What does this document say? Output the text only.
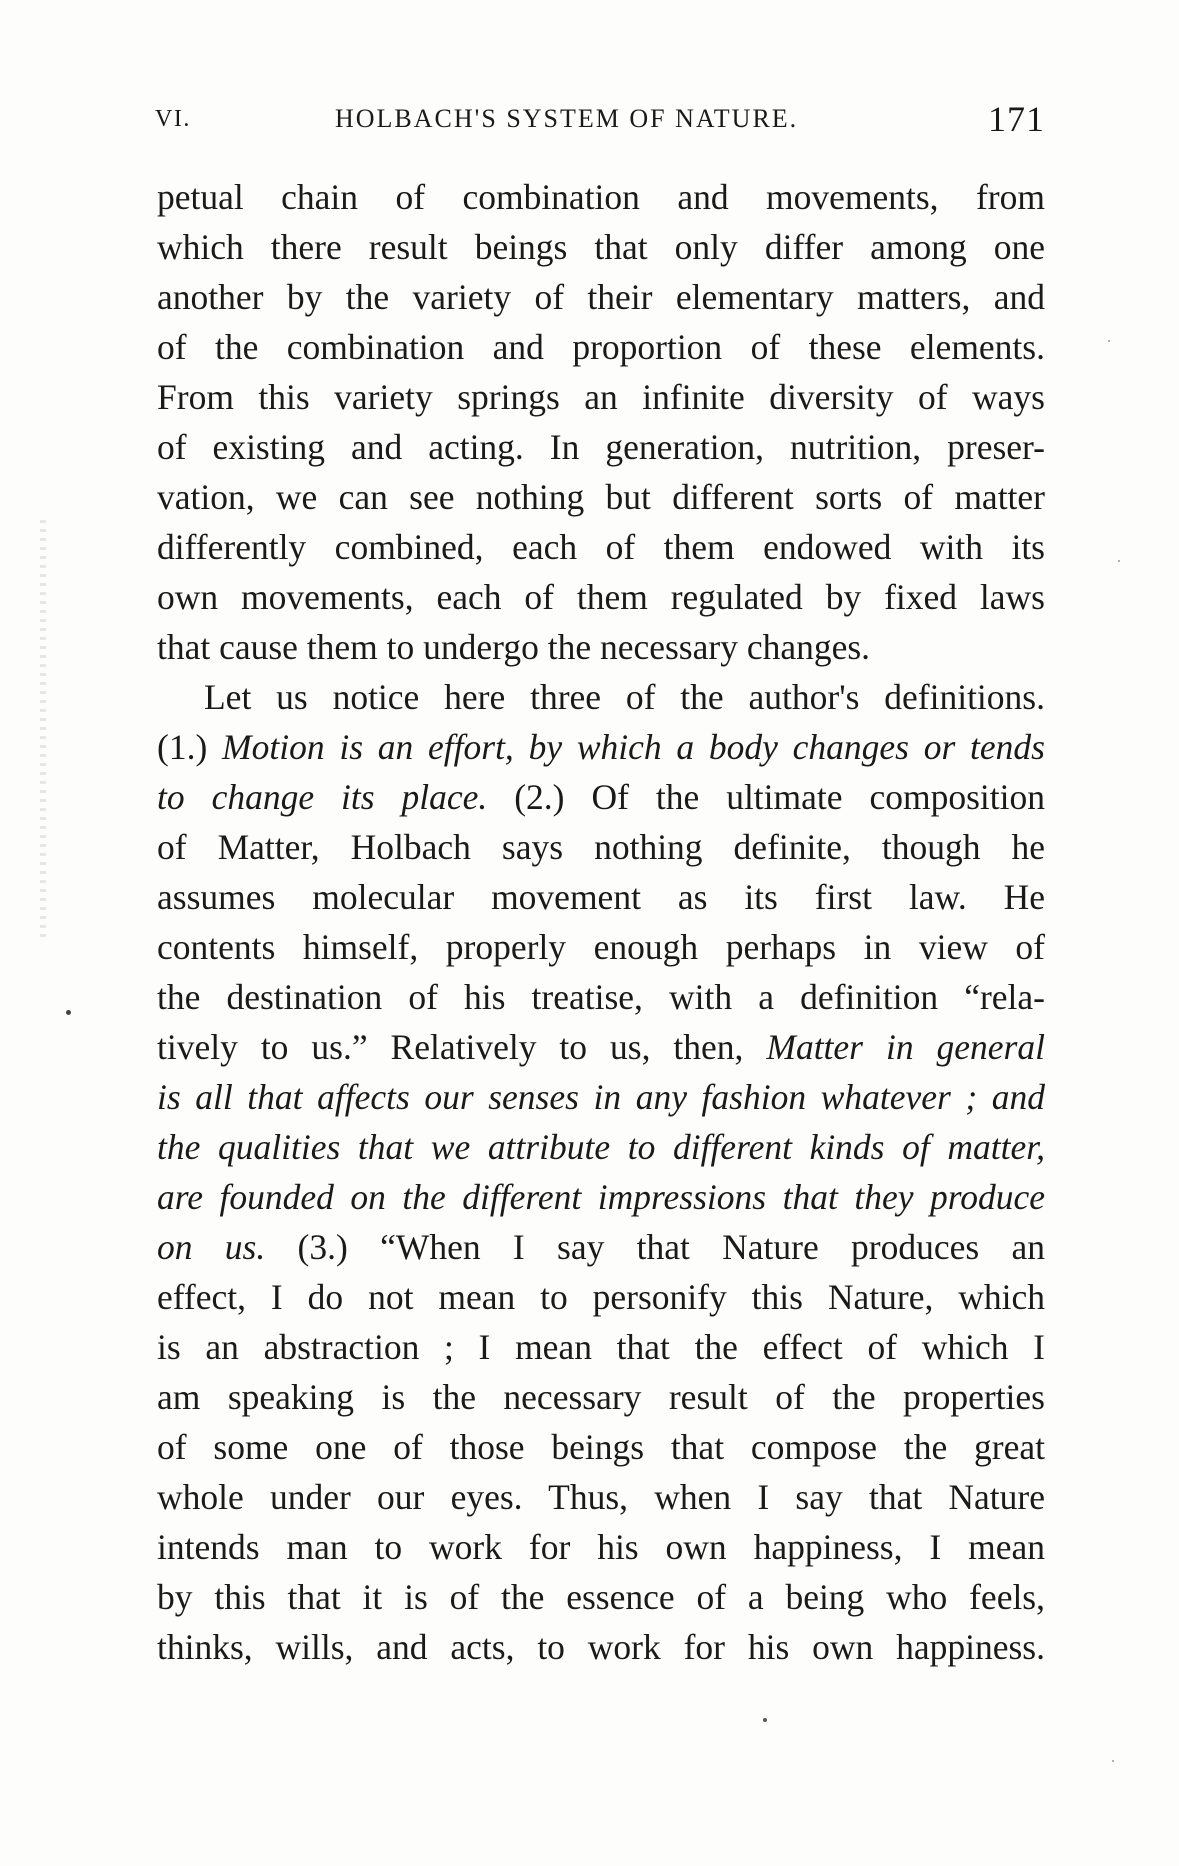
VI.	HOLBACH'S SYSTEM OF NATURE.	171
petual chain of combination and movements, from
which there result beings that only differ among one
another by the variety of their elementary matters, and
of the combination and proportion of these elements.
From this variety springs an infinite diversity of ways
of existing and acting. In generation, nutrition, preser-
vation, we can see nothing but different sorts of matter
differently combined, each of them endowed with its
own movements, each of them regulated by fixed laws
that cause them to undergo the necessary changes.
Let us notice here three of the author's definitions.
(1.) Motion is an effort, by which a body changes or tends
to change its place. (2.) Of the ultimate composition
of Matter, Holbach says nothing definite, though he
assumes molecular movement as its first law. He
contents himself, properly enough perhaps in view of
the destination of his treatise, with a definition “rela-
tively to us.” Relatively to us, then, Matter in general
is all that affects our senses in any fashion whatever ; and
the qualities that we attribute to different kinds of matter,
are founded on the different impressions that they produce
on us. (3.) “When I say that Nature produces an
effect, I do not mean to personify this Nature, which
is an abstraction ; I mean that the effect of which I
am speaking is the necessary result of the properties
of some one of those beings that compose the great
whole under our eyes. Thus, when I say that Nature
intends man to work for his own happiness, I mean
by this that it is of the essence of a being who feels,
thinks, wills, and acts, to work for his own happiness.
